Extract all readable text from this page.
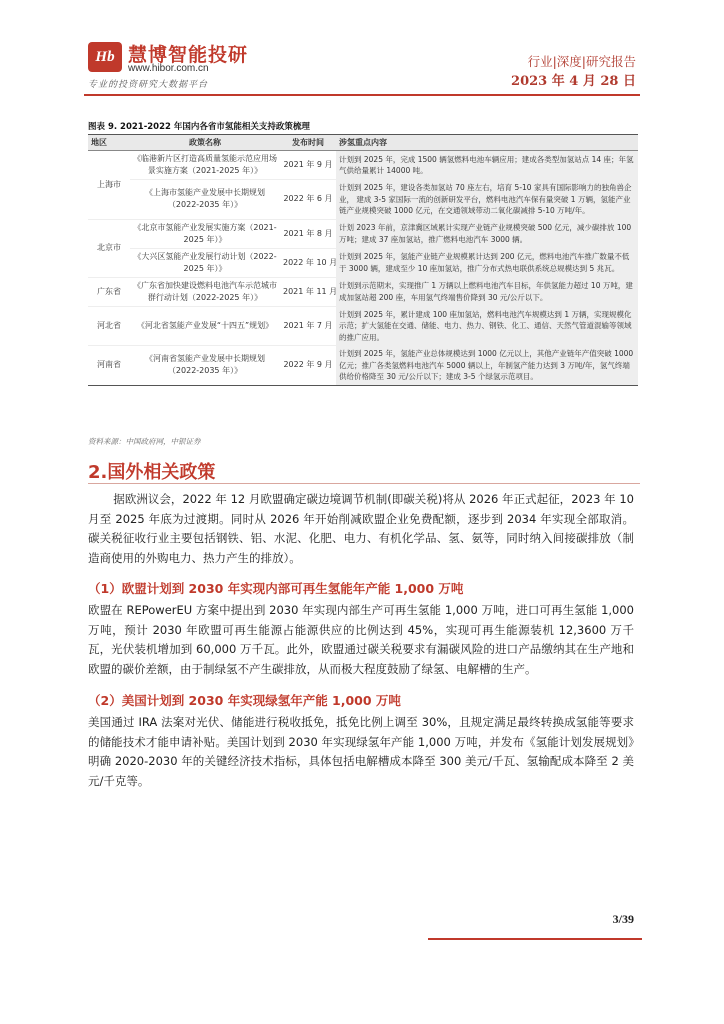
Hb 慧博智能投研
www.hibor.com.cn
专业的投资研究大数据平台
行业|深度|研究报告
2023 年 4 月 28 日
图表 9. 2021-2022 年国内各省市氢能相关支持政策梳理
地区	政策名称	发布时间	涉氢重点内容
上海市	《临港新片区打造高质量氢能示范应用场景实施方案（2021-2025 年）》	2021 年 9 月	计划到 2025 年，完成 1500 辆氢燃料电池车辆应用；建成各类型加氢站点 14 座；年氢气供给量累计 14000 吨。
	《上海市氢能产业发展中长期规划（2022-2035 年）》	2022 年 6 月	计划到 2025 年，建设各类加氢站 70 座左右，培育 5-10 家具有国际影响力的独角兽企业， 建成 3-5 家国际一流的创新研发平台，燃料电池汽车保有量突破 1 万辆，氢能产业链产业规模突破 1000 亿元，在交通领域带动二氧化碳减排 5-10 万吨/年。
北京市	《北京市氢能产业发展实施方案（2021-2025 年）》	2021 年 8 月	计划 2023 年前，京津冀区域累计实现产业链产业规模突破 500 亿元，减少碳排放 100 万吨；建成 37 座加氢站，推广燃料电池汽车 3000 辆。
	《大兴区氢能产业发展行动计划（2022-2025 年）》	2022 年 10 月	计划到 2025 年，氢能产业链产业规模累计达到 200 亿元，燃料电池汽车推广数量不低于 3000 辆，建成至少 10 座加氢站，推广分布式热电联供系统总规模达到 5 兆瓦。
广东省	《广东省加快建设燃料电池汽车示范城市群行动计划（2022-2025 年）》	2021 年 11 月	计划到示范期末，实现推广 1 万辆以上燃料电池汽车目标，年供氢能力超过 10 万吨，建成加氢站超 200 座，车用氢气终端售价降到 30 元/公斤以下。
河北省	《河北省氢能产业发展“十四五”规划》	2021 年 7 月	计划到 2025 年，累计建成 100 座加氢站，燃料电池汽车规模达到 1 万辆，实现规模化示范；扩大氢能在交通、储能、电力、热力、钢铁、化工、通信、天然气管道混输等领域的推广应用。
河南省	《河南省氢能产业发展中长期规划（2022-2035 年）》	2022 年 9 月	计划到 2025 年，氢能产业总体规模达到 1000 亿元以上，其他产业链年产值突破 1000 亿元；推广各类氢燃料电池汽车 5000 辆以上，年制氢产能力达到 3 万吨/年，氢气终端供给价格降至 30 元/公斤以下；建成 3-5 个绿氢示范项目。
资料来源：中国政府网，中银证券
2.国外相关政策

据欧洲议会，2022 年 12 月欧盟确定碳边境调节机制(即碳关税)将从 2026 年正式起征，2023 年 10 月至 2025 年底为过渡期。同时从 2026 年开始削减欧盟企业免费配额，逐步到 2034 年实现全部取消。碳关税征收行业主要包括钢铁、铝、水泥、化肥、电力、有机化学品、氢、氨等，同时纳入间接碳排放（制造商使用的外购电力、热力产生的排放）。

（1）欧盟计划到 2030 年实现内部可再生氢能年产能 1,000 万吨

欧盟在 REPowerEU 方案中提出到 2030 年实现内部生产可再生氢能 1,000 万吨，进口可再生氢能 1,000 万吨，预计 2030 年欧盟可再生能源占能源供应的比例达到 45%，实现可再生能源装机 12,3600 万千瓦，光伏装机增加到 60,000 万千瓦。此外，欧盟通过碳关税要求有漏碳风险的进口产品缴纳其在生产地和欧盟的碳价差额，由于制绿氢不产生碳排放，从而极大程度鼓励了绿氢、电解槽的生产。

（2）美国计划到 2030 年实现绿氢年产能 1,000 万吨

美国通过 IRA 法案对光伏、储能进行税收抵免，抵免比例上调至 30%，且规定满足最终转换成氢能等要求的储能技术才能申请补贴。美国计划到 2030 年实现绿氢年产能 1,000 万吨，并发布《氢能计划发展规划》明确 2020-2030 年的关键经济技术指标，具体包括电解槽成本降至 300 美元/千瓦、氢输配成本降至 2 美元/千克等。

3/39
